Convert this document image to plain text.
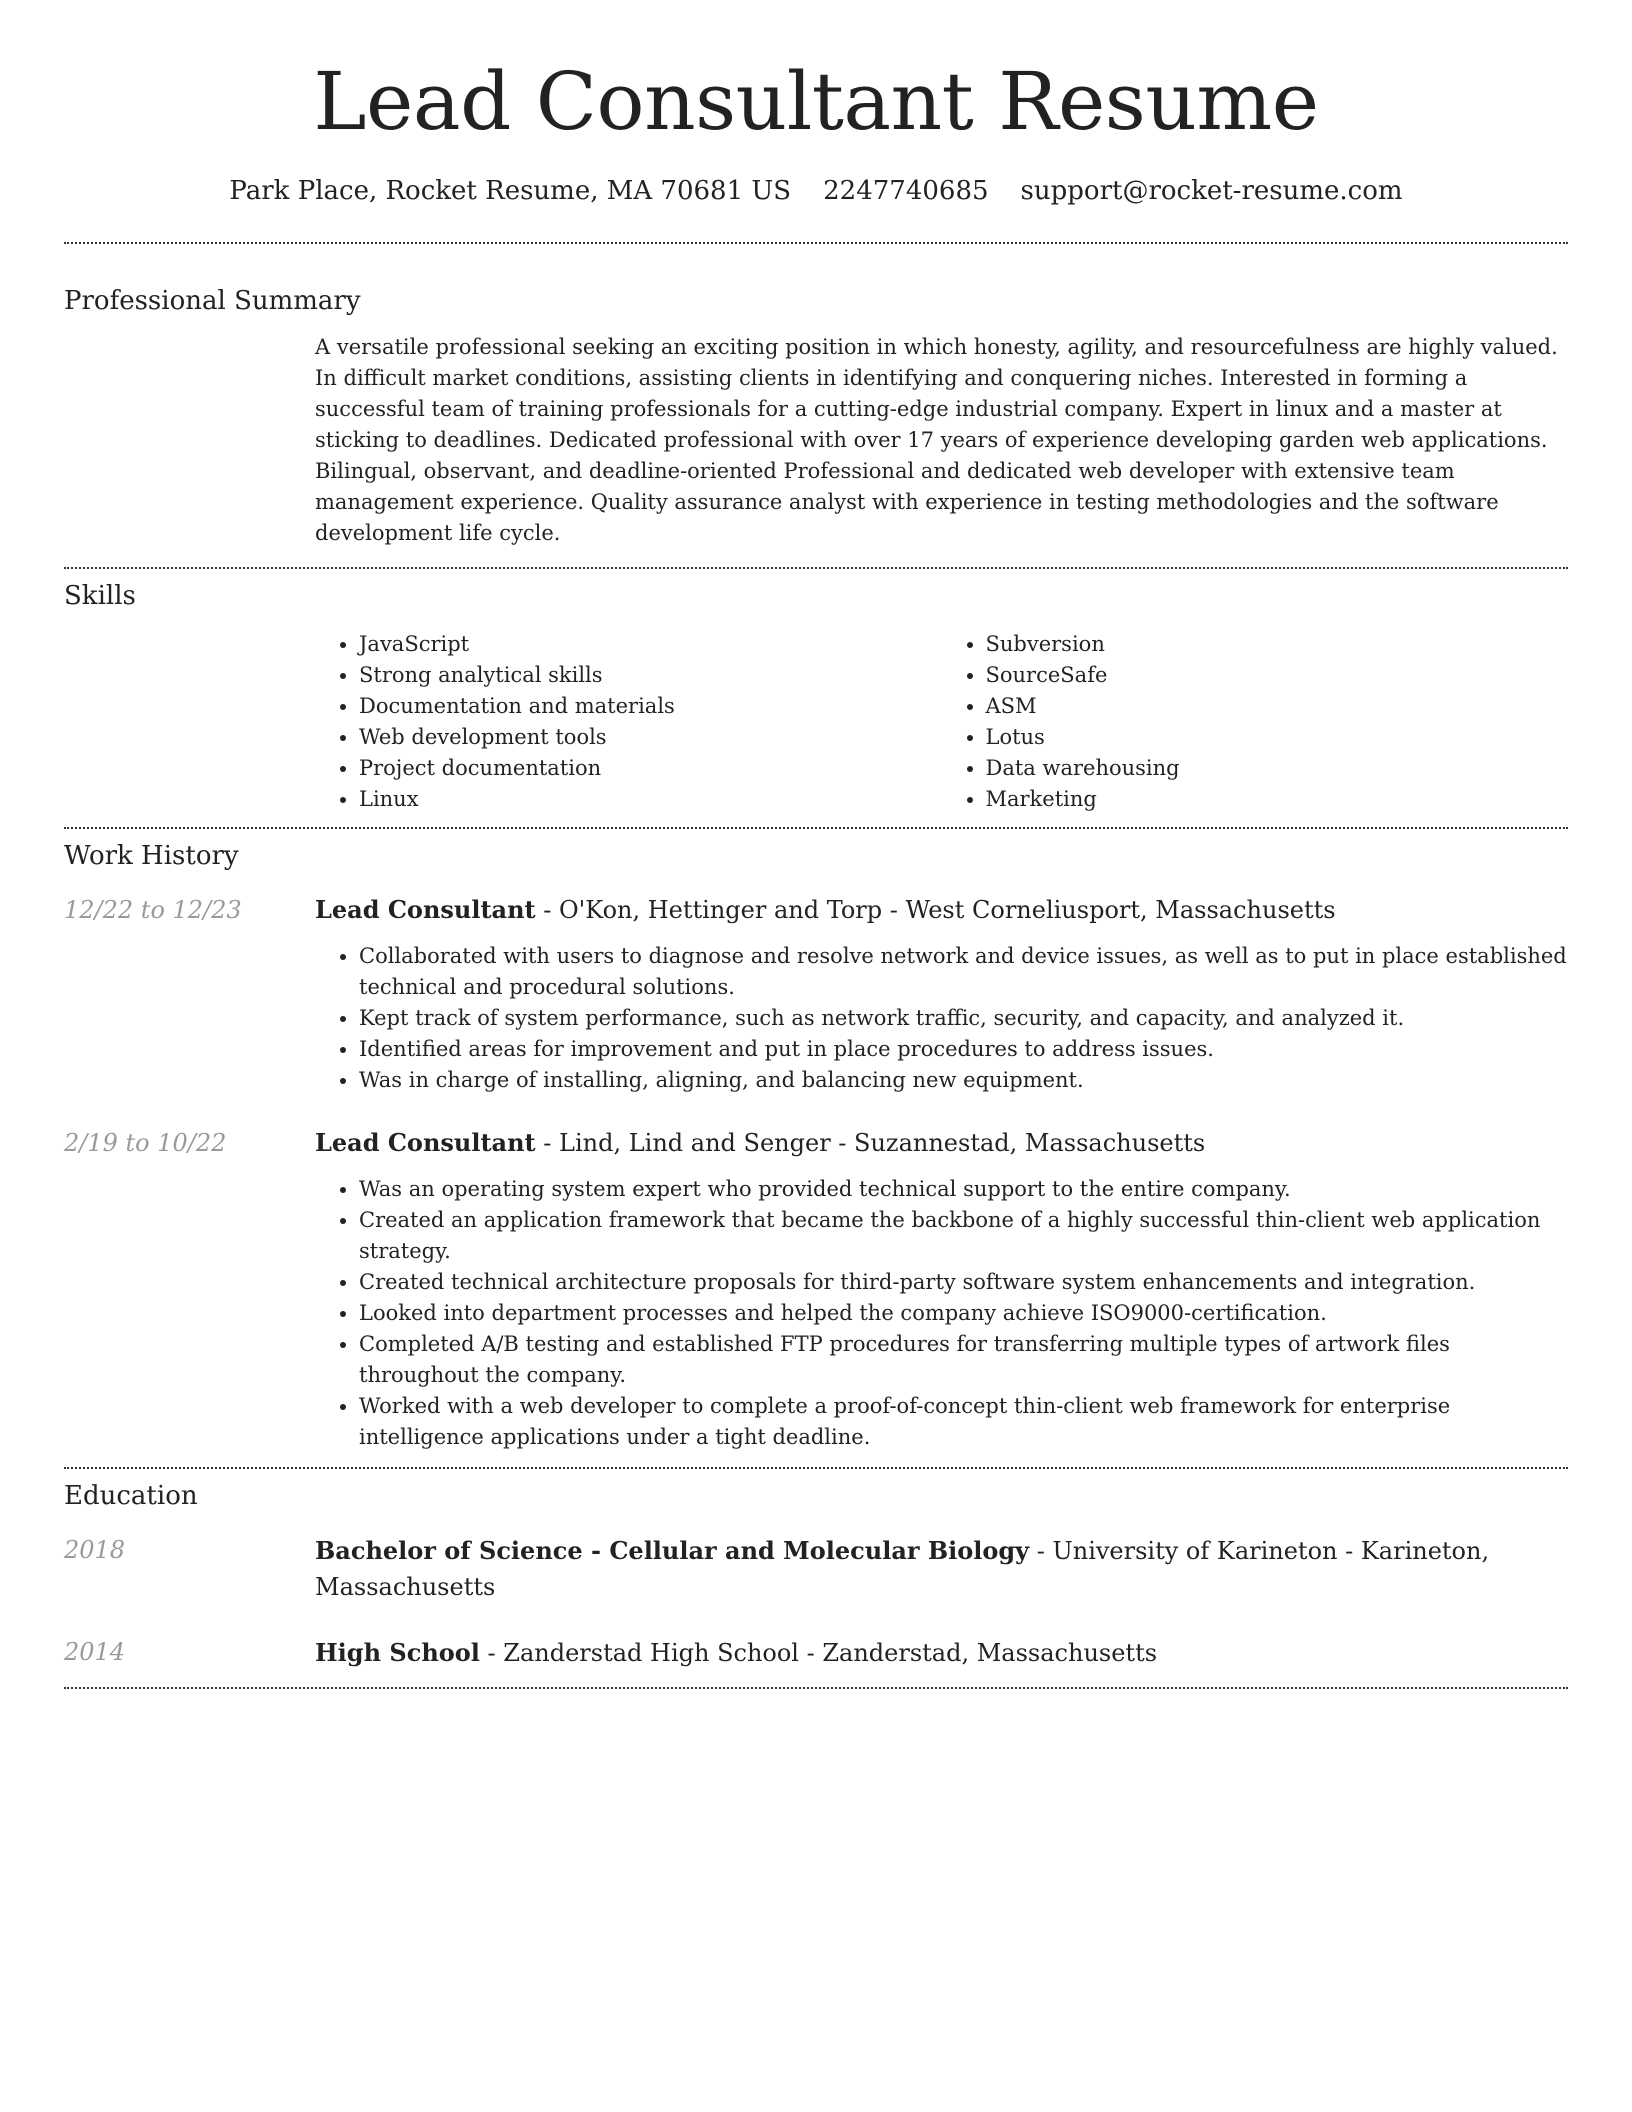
Lead Consultant Resume
Park Place, Rocket Resume, MA 70681 US 2247740685 support@rocket-resume.com
Professional Summary

A versatile professional seeking an exciting position in which honesty, agility, and resourcefulness are highly valued. In difficult market conditions, assisting clients in identifying and conquering niches. Interested in forming a successful team of training professionals for a cutting-edge industrial company. Expert in linux and a master at sticking to deadlines. Dedicated professional with over 17 years of experience developing garden web applications. Bilingual, observant, and deadline-oriented Professional and dedicated web developer with extensive team management experience. Quality assurance analyst with experience in testing methodologies and the software development life cycle.

Skills
• JavaScript
• Strong analytical skills
• Documentation and materials
• Web development tools
• Project documentation
• Linux
• Subversion
• SourceSafe
• ASM
• Lotus
• Data warehousing
• Marketing
Work History
12/22 to 12/23	Lead Consultant - O'Kon, Hettinger and Torp - West Corneliusport, Massachusetts

• Collaborated with users to diagnose and resolve network and device issues, as well as to put in place established technical and procedural solutions.
• Kept track of system performance, such as network traffic, security, and capacity, and analyzed it.
• Identified areas for improvement and put in place procedures to address issues.
• Was in charge of installing, aligning, and balancing new equipment.
2/19 to 10/22	Lead Consultant - Lind, Lind and Senger - Suzannestad, Massachusetts

• Was an operating system expert who provided technical support to the entire company.
• Created an application framework that became the backbone of a highly successful thin-client web application strategy.
• Created technical architecture proposals for third-party software system enhancements and integration.
• Looked into department processes and helped the company achieve ISO9000-certification.
• Completed A/B testing and established FTP procedures for transferring multiple types of artwork files throughout the company.
• Worked with a web developer to complete a proof-of-concept thin-client web framework for enterprise intelligence applications under a tight deadline.
Education
2018	Bachelor of Science - Cellular and Molecular Biology - University of Karineton - Karineton, Massachusetts

2014	High School - Zanderstad High School - Zanderstad, Massachusetts
